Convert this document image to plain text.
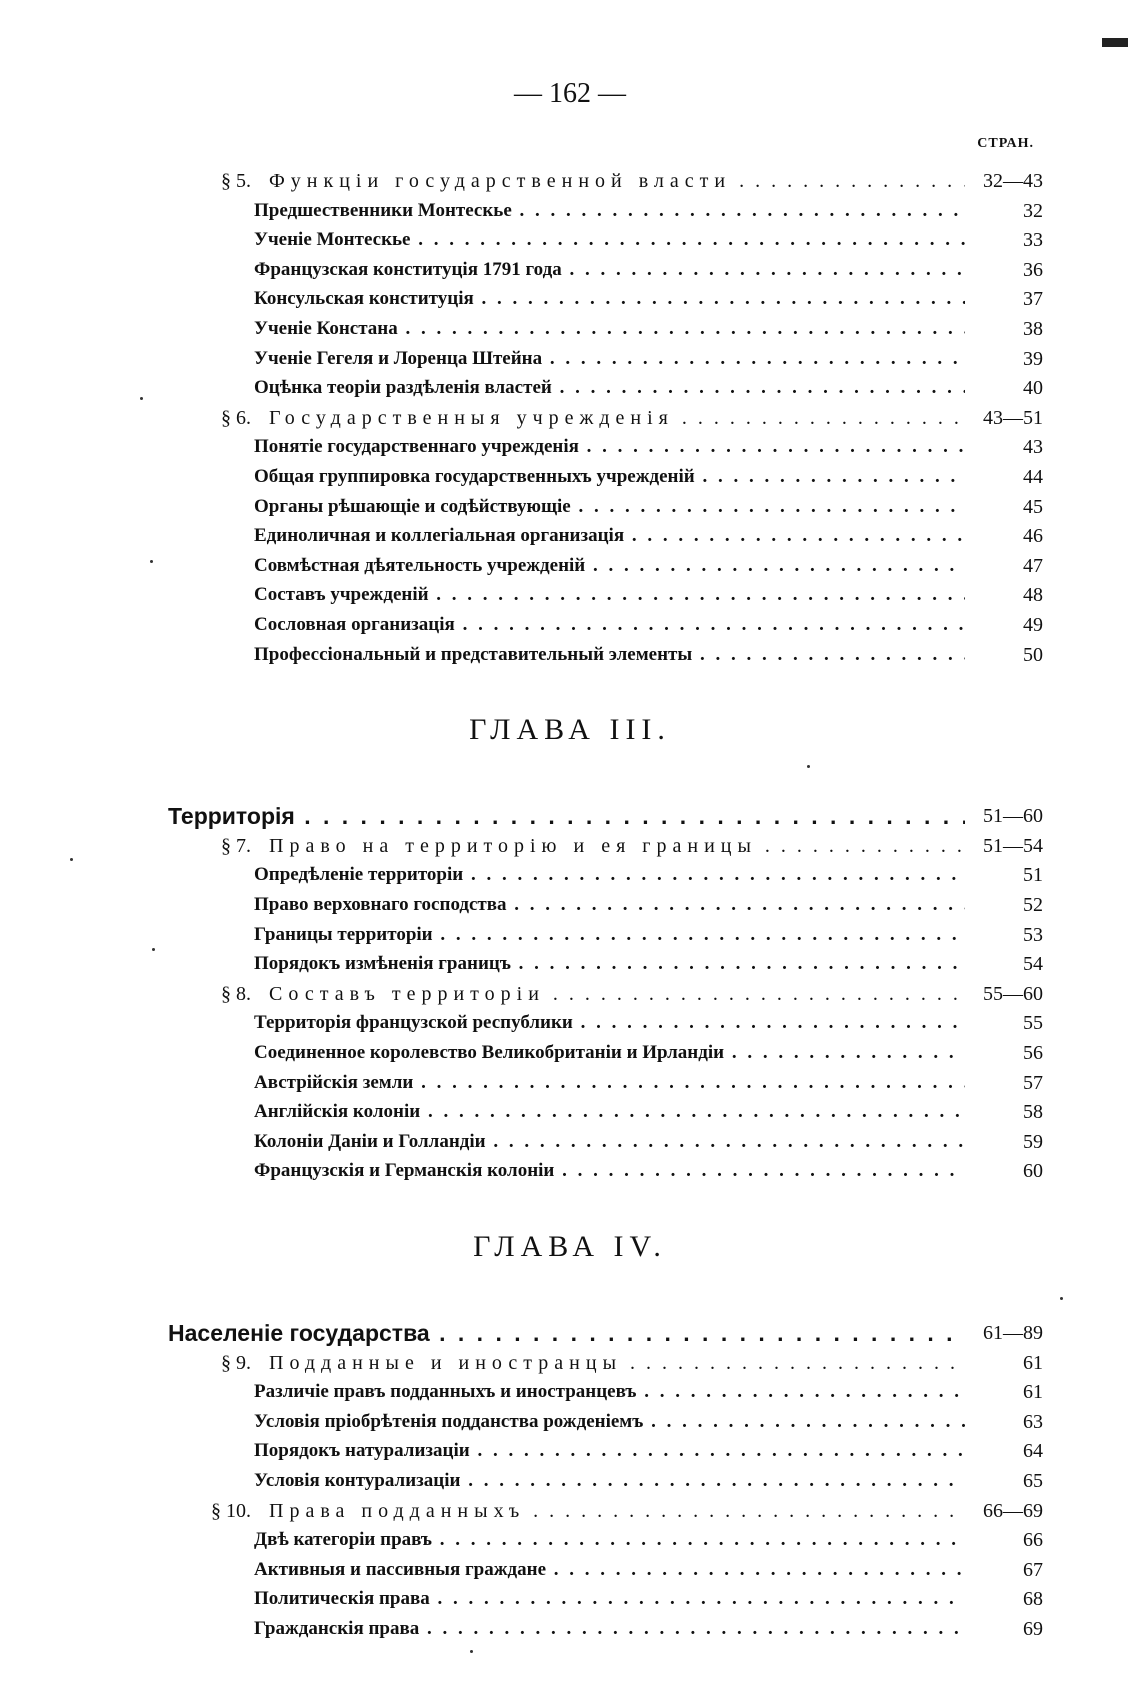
— 162 —
СТРАН.
§ 5. Функціи государственной власти . . .	32—43
Предшественники Монтескье . . .	32
Ученіе Монтескье . . .	33
Французская конституція 1791 года . . .	36
Консульская конституція . . .	37
Ученіе Констана . . .	38
Ученіе Гегеля и Лоренца Штейна . . .	39
Оцѣнка теоріи раздѣленія властей . . .	40
§ 6. Государственныя учрежденія . . .	43—51
Понятіе государственнаго учрежденія . . .	43
Общая группировка государственныхъ учрежденій . . .	44
Органы рѣшающіе и содѣйствующіе . . .	45
Единоличная и коллегіальная организація . . .	46
Совмѣстная дѣятельность учрежденій . . .	47
Составъ учрежденій . . .	48
Сословная организація . . .	49
Профессіональный и представительный элементы . . .	50
ГЛАВА III.
Территорія . . .	51—60
§ 7. Право на территорію и ея границы . . .	51—54
Опредѣленіе территоріи . . .	51
Право верховнаго господства . . .	52
Границы территоріи . . .	53
Порядокъ измѣненія границъ . . .	54
§ 8. Составъ территоріи . . .	55—60
Территорія французской республики . . .	55
Соединенное королевство Великобританіи и Ирландіи . . .	56
Австрійскія земли . . .	57
Англійскія колоніи . . .	58
Колоніи Даніи и Голландіи . . .	59
Французскія и Германскія колоніи . . .	60
ГЛАВА IV.
Населеніе государства . . .	61—89
§ 9. Подданные и иностранцы . . .	61
Различіе правъ подданныхъ и иностранцевъ . . .	61
Условія пріобрѣтенія подданства рожденіемъ . . .	63
Порядокъ натурализаціи . . .	64
Условія контурализаціи . . .	65
§ 10. Права подданныхъ . . .	66—69
Двѣ категоріи правъ . . .	66
Активныя и пассивныя граждане . . .	67
Политическія права . . .	68
Гражданскія права . . .	69
